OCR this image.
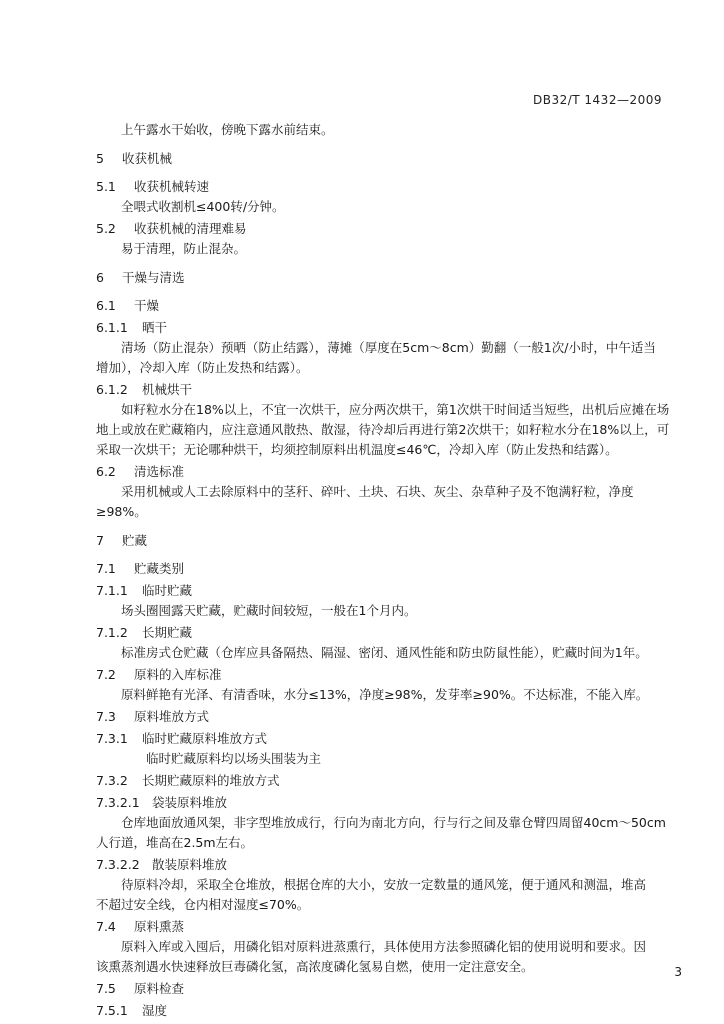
DB32/T 1432—2009
上午露水干始收，傍晚下露水前结束。
5 收获机械
5.1 收获机械转速
全喂式收割机≤400转/分钟。
5.2 收获机械的清理难易
易于清理，防止混杂。
6 干燥与清选
6.1 干燥
6.1.1 晒干
清场（防止混杂）预晒（防止结露），薄摊（厚度在5cm～8cm）勤翻（一般1次/小时，中午适当
增加），冷却入库（防止发热和结露）。
6.1.2 机械烘干
如籽粒水分在18%以上，不宜一次烘干，应分两次烘干，第1次烘干时间适当短些，出机后应摊在场
地上或放在贮藏箱内，应注意通风散热、散湿，待冷却后再进行第2次烘干；如籽粒水分在18%以上，可
采取一次烘干；无论哪种烘干，均须控制原料出机温度≤46℃，冷却入库（防止发热和结露）。
6.2 清选标准
采用机械或人工去除原料中的茎秆、碎叶、土块、石块、灰尘、杂草种子及不饱满籽粒，净度≥98%。
7 贮藏
7.1 贮藏类别
7.1.1 临时贮藏
场头圈囤露天贮藏，贮藏时间较短，一般在1个月内。
7.1.2 长期贮藏
标准房式仓贮藏（仓库应具备隔热、隔湿、密闭、通风性能和防虫防鼠性能），贮藏时间为1年。
7.2 原料的入库标准
原料鲜艳有光泽、有清香味，水分≤13%，净度≥98%，发芽率≥90%。不达标准，不能入库。
7.3 原料堆放方式
7.3.1 临时贮藏原料堆放方式
临时贮藏原料均以场头围装为主
7.3.2 长期贮藏原料的堆放方式
7.3.2.1 袋装原料堆放
仓库地面放通风架，非字型堆放成行，行向为南北方向，行与行之间及靠仓臂四周留40cm～50cm
人行道，堆高在2.5m左右。
7.3.2.2 散装原料堆放
待原料冷却，采取全仓堆放，根据仓库的大小，安放一定数量的通风笼，便于通风和测温，堆高
不超过安全线，仓内相对湿度≤70%。
7.4 原料熏蒸
原料入库或入囤后，用磷化铝对原料进蒸熏行，具体使用方法参照磷化铝的使用说明和要求。因
该熏蒸剂遇水快速释放巨毒磷化氢，高浓度磷化氢易自燃，使用一定注意安全。
7.5 原料检查
7.5.1 湿度
3
